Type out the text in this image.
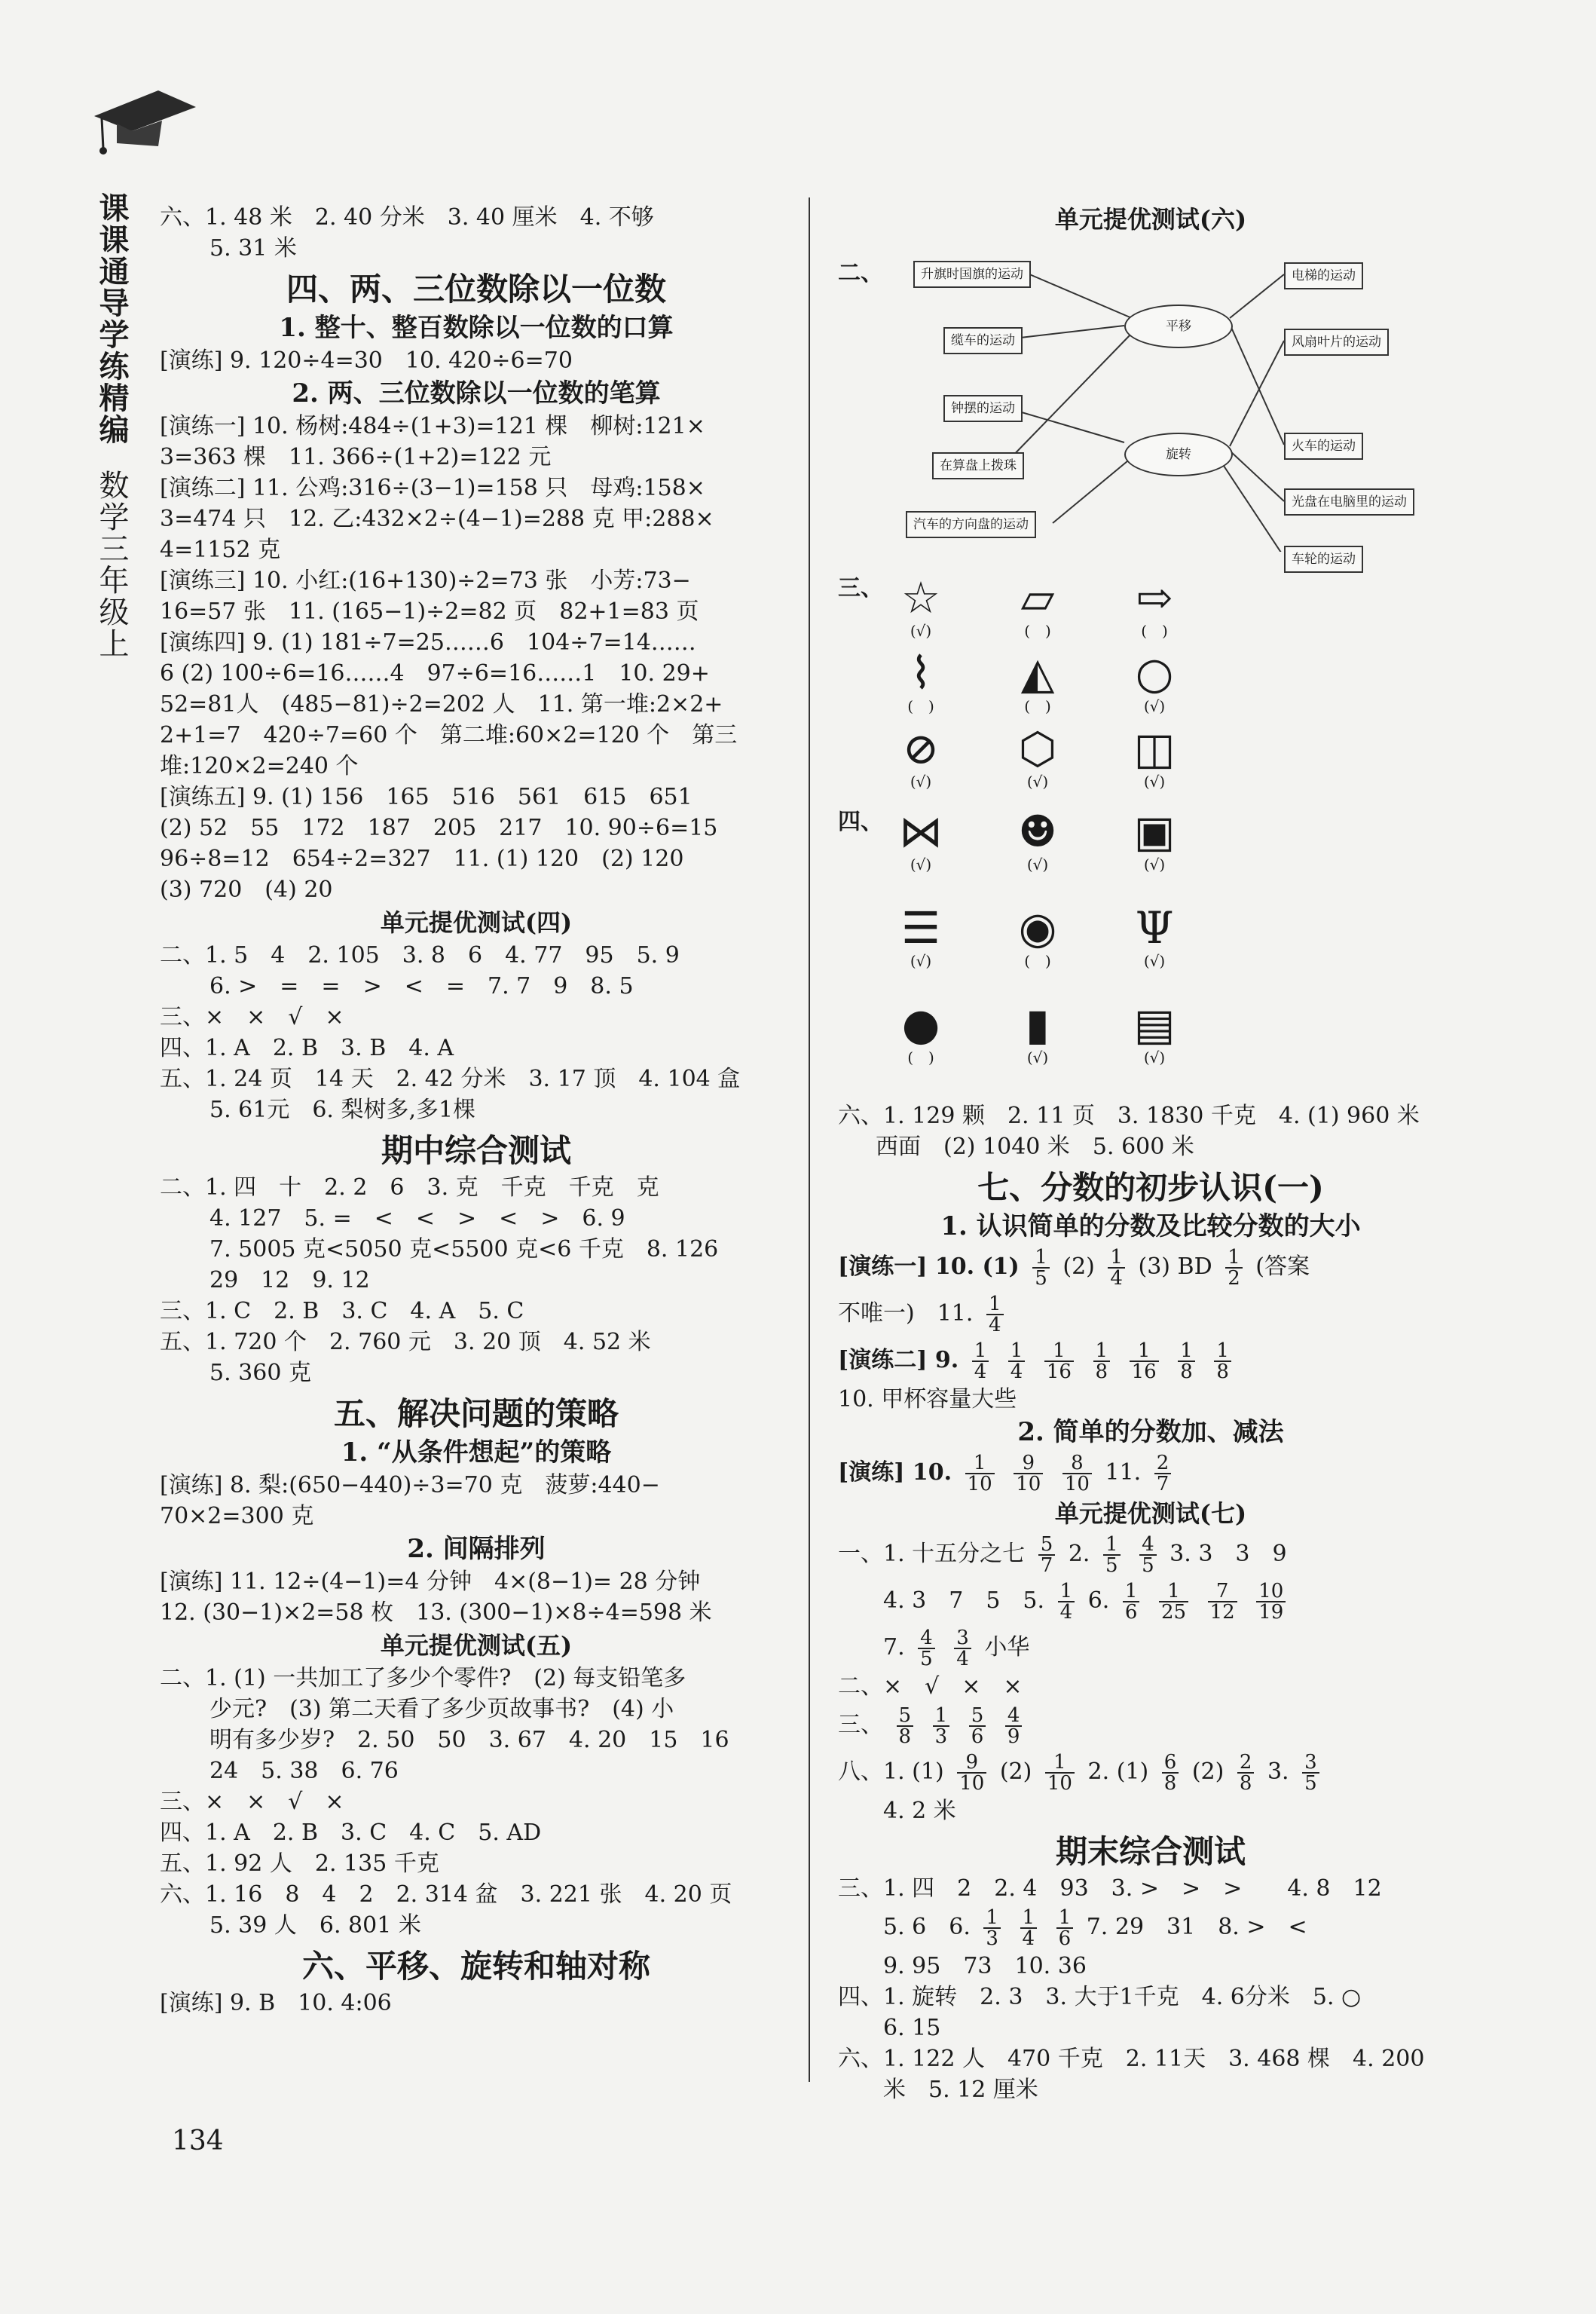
课课通导学练精编
数学三年级上
六、1. 48 米　2. 40 分米　3. 40 厘米　4. 不够
5. 31 米
四、两、三位数除以一位数
1. 整十、整百数除以一位数的口算
[演练] 9. 120÷4=30　10. 420÷6=70
2. 两、三位数除以一位数的笔算
[演练一] 10. 杨树:484÷(1+3)=121 棵　柳树:121×
3=363 棵　11. 366÷(1+2)=122 元
[演练二] 11. 公鸡:316÷(3−1)=158 只　母鸡:158×
3=474 只　12. 乙:432×2÷(4−1)=288 克 甲:288×
4=1152 克
[演练三] 10. 小红:(16+130)÷2=73 张　小芳:73−
16=57 张　11. (165−1)÷2=82 页　82+1=83 页
[演练四] 9. (1) 181÷7=25……6　104÷7=14……
6 (2) 100÷6=16……4　97÷6=16……1　10. 29+
52=81人　(485−81)÷2=202 人　11. 第一堆:2×2+
2+1=7　420÷7=60 个　第二堆:60×2=120 个　第三
堆:120×2=240 个
[演练五] 9. (1) 156　165　516　561　615　651
(2) 52　55　172　187　205　217　10. 90÷6=15
96÷8=12　654÷2=327　11. (1) 120　(2) 120
(3) 720　(4) 20
单元提优测试(四)
二、1. 5　4　2. 105　3. 8　6　4. 77　95　5. 9
6. >　=　=　>　<　=　7. 7　9　8. 5
三、×　×　√　×
四、1. A　2. B　3. B　4. A
五、1. 24 页　14 天　2. 42 分米　3. 17 顶　4. 104 盒
5. 61元　6. 梨树多,多1棵
期中综合测试
二、1. 四　十　2. 2　6　3. 克　千克　千克　克
4. 127　5. =　<　<　>　<　>　6. 9
7. 5005 克<5050 克<5500 克<6 千克　8. 126
29　12　9. 12
三、1. C　2. B　3. C　4. A　5. C
五、1. 720 个　2. 760 元　3. 20 顶　4. 52 米
5. 360 克
五、解决问题的策略
1. “从条件想起”的策略
[演练] 8. 梨:(650−440)÷3=70 克　菠萝:440−
70×2=300 克
2. 间隔排列
[演练] 11. 12÷(4−1)=4 分钟　4×(8−1)= 28 分钟
12. (30−1)×2=58 枚　13. (300−1)×8÷4=598 米
单元提优测试(五)
二、1. (1) 一共加工了多少个零件?　(2) 每支铅笔多
少元?　(3) 第二天看了多少页故事书?　(4) 小
明有多少岁?　2. 50　50　3. 67　4. 20　15　16
24　5. 38　6. 76
三、×　×　√　×
四、1. A　2. B　3. C　4. C　5. AD
五、1. 92 人　2. 135 千克
六、1. 16　8　4　2　2. 314 盆　3. 221 张　4. 20 页
5. 39 人　6. 801 米
六、平移、旋转和轴对称
[演练] 9. B　10. 4:06
单元提优测试(六)
二、	升旗时国旗的运动
缆车的运动
钟摆的运动
在算盘上拨珠
汽车的方向盘的运动
平移
旋转
电梯的运动
风扇叶片的运动
火车的运动
光盘在电脑里的运动
车轮的运动
三、 ☆
(√)
▱
(　)
⇨
(　)
⌇
(　)
◭
(　)
○
(√)
⊘
(√)
⬡
(√)
◫
(√)
四、 ⋈
(√)
☻
(√)
▣
(√)
☰
(√)
◉
(　)
Ψ
(√)
●
(　)
▮
(√)
▤
(√)
六、1. 129 颗　2. 11 页　3. 1830 千克　4. (1) 960 米
西面　(2) 1040 米　5. 600 米
七、分数的初步认识(一)
1. 认识简单的分数及比较分数的大小
[演练一] 10. $(1) \frac{1}{5} (2) \frac{1}{4} (3)$ BD $\frac{1}{2}$ (答案
不唯一)　11. $\frac{1}{4}$
[演练二] 9. $\frac{1}{4}$
$\frac{1}{4}$
$\frac{1}{16}$
$\frac{1}{8}$
$\frac{1}{16}$
$\frac{1}{8}$
$\frac{1}{8}$
10. 甲杯容量大些
2. 简单的分数加、减法
[演练] 10. $\frac{1}{10}$
$\frac{9}{10}$
$\frac{8}{10} 11$. $\frac{2}{7}$
单元提优测试(七)
一、1. 十五分之七 $\frac{5}{7} 2$. $\frac{1}{5}$
$\frac{4}{5} 3$. 3　3　9
4. 3　7　5　5. $\frac{1}{4} 6$. $\frac{1}{6}$
$\frac{1}{25}$
$\frac{7}{12}$
$\frac{10}{19}$
7. $\frac{4}{5}$
$\frac{3}{4}$ 小华
二、×　√　×　×
三、 $\frac{5}{8}$
$\frac{1}{3}$
$\frac{5}{6}$
$\frac{4}{9}$
八、1. $(1) \frac{9}{10} (2) \frac{1}{10} 2$. $(1) \frac{6}{8} (2) \frac{2}{8} 3$. $\frac{3}{5}$
4. 2 米
期末综合测试
三、1. 四　2　2. 4　93　3. >　>　>　　4. 8　12
5. 6　6. $\frac{1}{3}$
$\frac{1}{4}$
$\frac{1}{6} 7$. 29　31　8. >　<
9. 95　73　10. 36
四、1. 旋转　2. 3　3. 大于1千克　4. 6分米　5. ○
6. 15
六、1. 122 人　470 千克　2. 11天　3. 468 棵　4. 200
米　5. 12 厘米
134
